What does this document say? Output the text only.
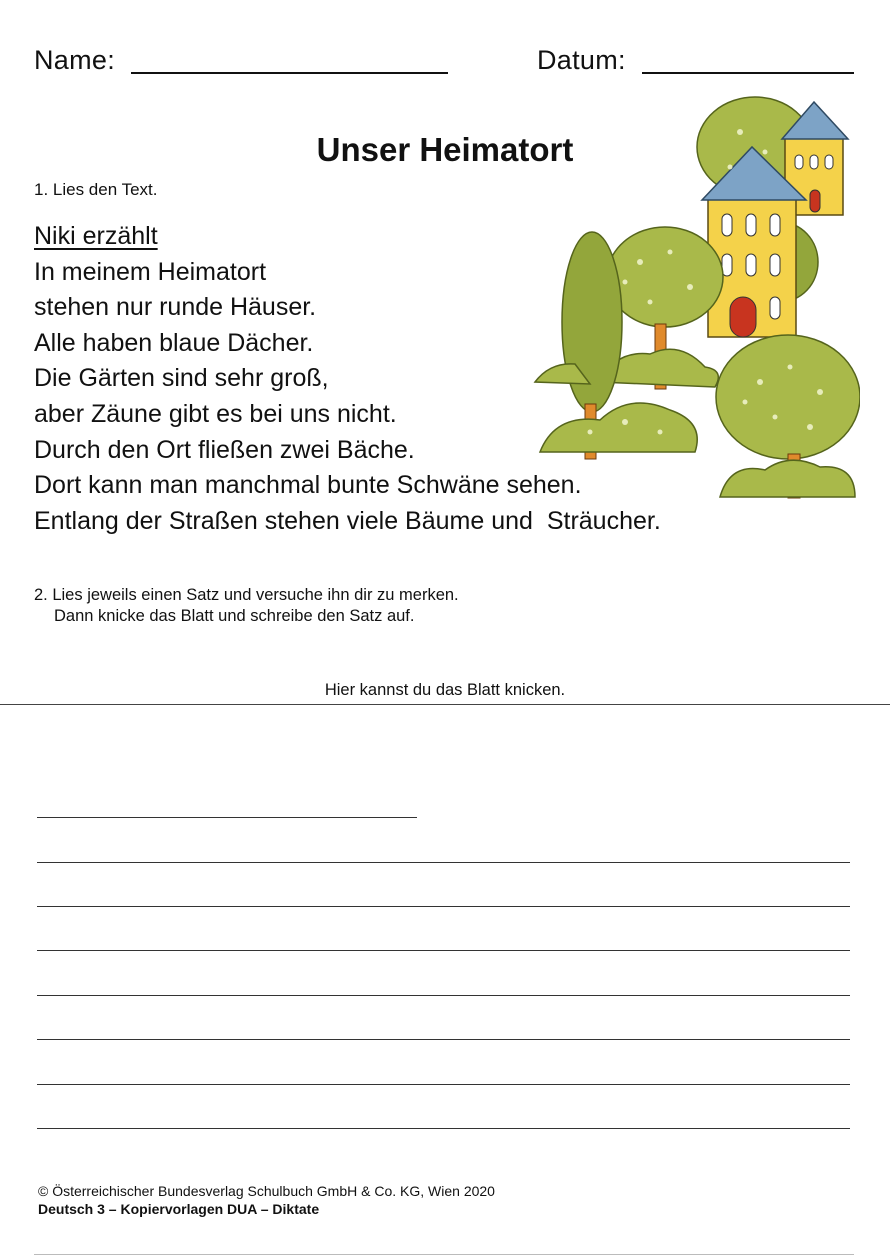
Name:	Datum:
Unser Heimatort
1. Lies den Text.
Niki erzählt
In meinem Heimatort
stehen nur runde Häuser.
Alle haben blaue Dächer.
Die Gärten sind sehr groß,
aber Zäune gibt es bei uns nicht.
Durch den Ort fließen zwei Bäche.
Dort kann man manchmal bunte Schwäne sehen.
Entlang der Straßen stehen viele Bäume und  Sträucher.
2. Lies jeweils einen Satz und versuche ihn dir zu merken.
Dann knicke das Blatt und schreibe den Satz auf.
Hier kannst du das Blatt knicken.
© Österreichischer Bundesverlag Schulbuch GmbH & Co. KG, Wien 2020
Deutsch 3 – Kopiervorlagen DUA – Diktate
